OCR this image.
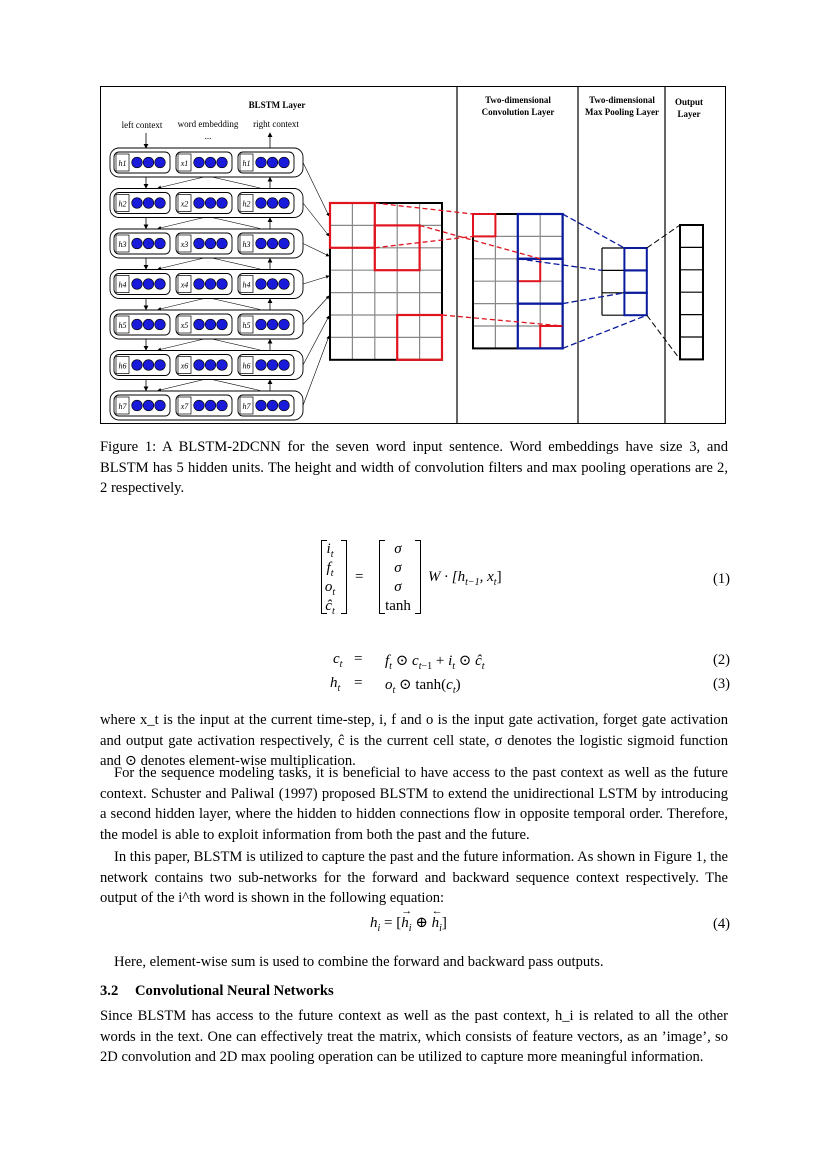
BLSTM Layer	Two-dimensional
Convolution Layer
Two-dimensional
Max Pooling Layer
Output
Layer
left context word embedding
...
right context
h1	x1	h1
h2	x2	h2
h3	x3	h3
h4	x4	h4
h5	x5	h5
h6	x6	h6
h7	x7	h7
Figure 1: A BLSTM-2DCNN for the seven word input sentence. Word embeddings have size 3, and BLSTM has 5 hidden units. The height and width of convolution filters and max pooling operations are 2, 2 respectively.
$i_t$
$f_t$
$o_t$
$ĉ_t$
=
σ
σ
σ
tanh
$W \cdot [h_{t-1}$, $x_t$]	(1)
$c_t = f_t$ ⊙ $c_{t-1} + i_t$ ⊙ $ĉ_t$	(2)
$h_t = o_t$ ⊙ $\tanh(c_t)$	(3)
where x_t is the input at the current time-step, i, f and o is the input gate activation, forget gate activation and output gate activation respectively, ĉ is the current cell state, σ denotes the logistic sigmoid function and ⊙ denotes element-wise multiplication.
For the sequence modeling tasks, it is beneficial to have access to the past context as well as the future context. Schuster and Paliwal (1997) proposed BLSTM to extend the unidirectional LSTM by introducing a second hidden layer, where the hidden to hidden connections flow in opposite temporal order. Therefore, the model is able to exploit information from both the past and the future.
In this paper, BLSTM is utilized to capture the past and the future information. As shown in Figure 1, the network contains two sub-networks for the forward and backward sequence context respectively. The output of the i^th word is shown in the following equation:
$h_i$ = [
→
$h_i$ ⊕
←
$h_i$]	(4)
Here, element-wise sum is used to combine the forward and backward pass outputs.
3.2 Convolutional Neural Networks
Since BLSTM has access to the future context as well as the past context, h_i is related to all the other words in the text. One can effectively treat the matrix, which consists of feature vectors, as an ’image’, so 2D convolution and 2D max pooling operation can be utilized to capture more meaningful information.
